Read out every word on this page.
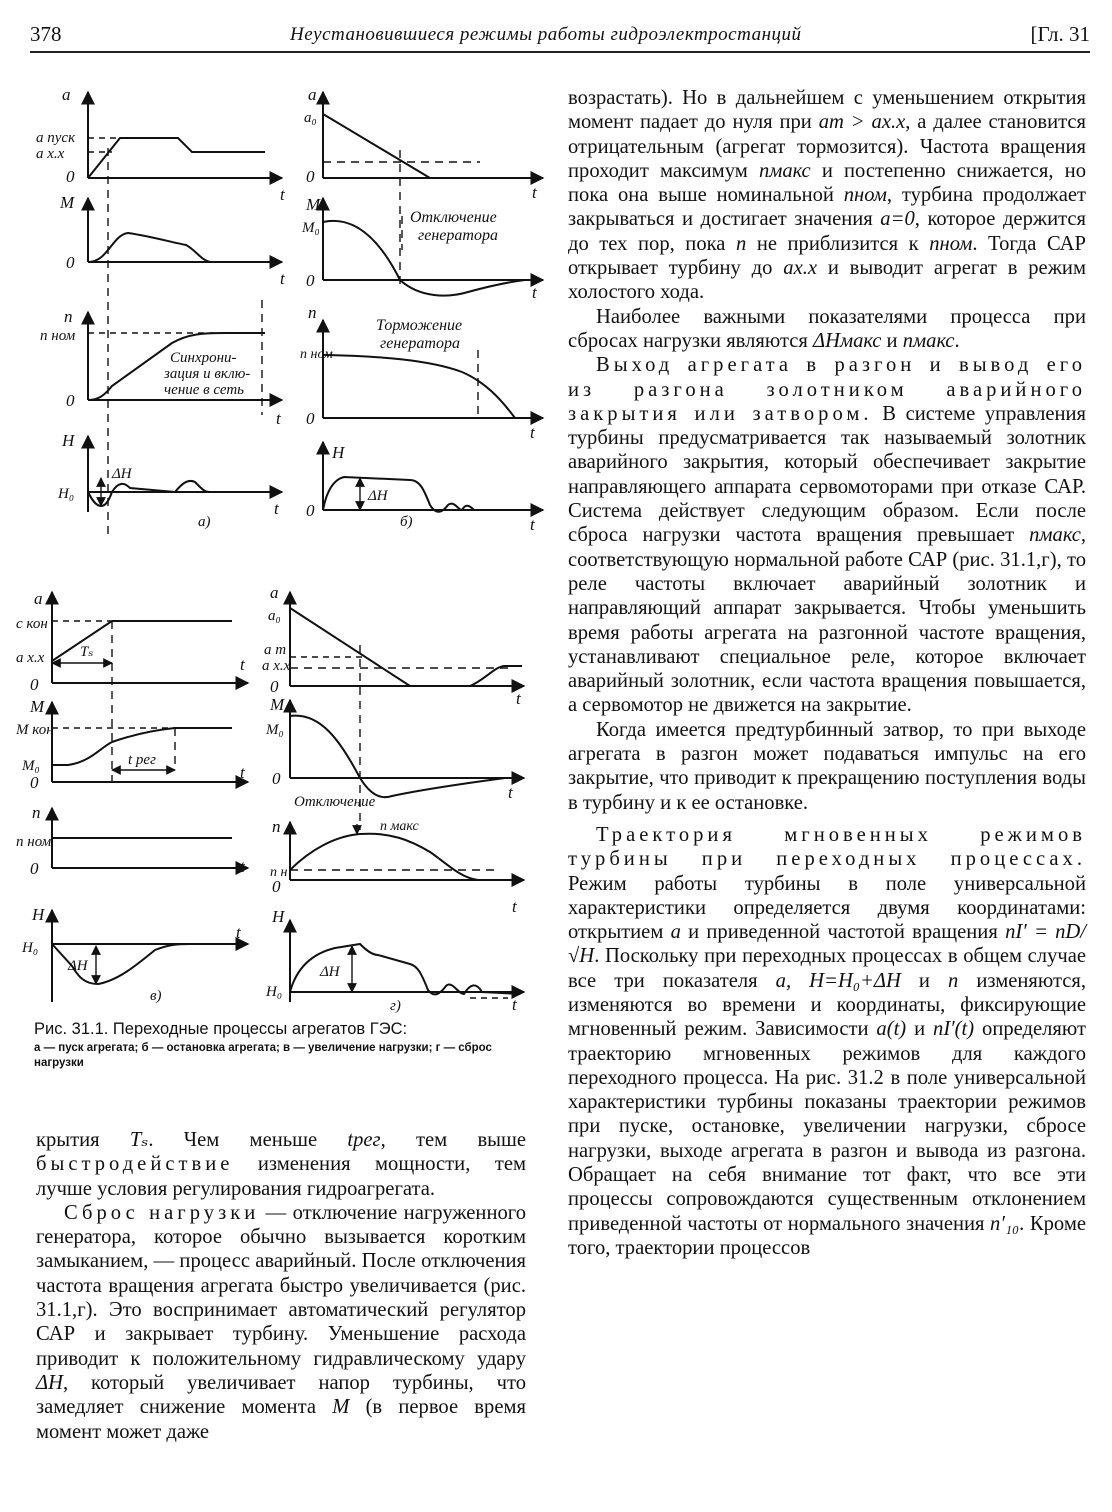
378	Неустановившиеся режимы работы гидроэлектростанций	[Гл. 31
a
a пуск
a x.x
0
t
M
0
t
n
n ном
Синхрони-
зация и вклю-
чение в сеть
0
t
H
ΔH
H₀
а)
t
a
a₀
0
t
M
M₀
Отключение
генератора
0
t
n
n ном
Торможение
генератора
0
t
H
ΔH
0
б)	t
a
c кон
a x.x Tₛ
0
t
M
M кон
M₀	t рег
0
t
n
n ном
0	t
H
H₀
ΔH
t
в)
a
a₀
a m
a x.x
0
t
M
M₀
0
Отключение	t
n	n макс
n н
0
t
H
ΔH
H₀
г)	t
Рис. 31.1. Переходные процессы агрегатов ГЭС:
а — пуск агрегата; б — остановка агрегата; в — увеличение нагрузки; г — сброс нагрузки

крытия Tₛ. Чем меньше tрег, тем выше быстродействие изменения мощности, тем лучше условия регулирования гидроагрегата.

Сброс нагрузки — отключение нагруженного генератора, которое обычно вызывается коротким замыканием, — процесс аварийный. После отключения частота вращения агрегата быстро увеличивается (рис. 31.1,г). Это воспринимает автоматический регулятор САР и закрывает турбину. Уменьшение расхода приводит к положительному гидравлическому удару ΔH, который увеличивает напор турбины, что замедляет снижение момента M (в первое время момент может даже

возрастать). Но в дальнейшем с уменьшением открытия момент падает до нуля при am > ax.x, а далее становится отрицательным (агрегат тормозится). Частота вращения проходит максимум nмакс и постепенно снижается, но пока она выше номинальной nном, турбина продолжает закрываться и достигает значения a=0, которое держится до тех пор, пока n не приблизится к nном. Тогда САР открывает турбину до ax.x и выводит агрегат в режим холостого хода.

Наиболее важными показателями процесса при сбросах нагрузки являются ΔHмакс и nмакс.

Выход агрегата в разгон и вывод его из разгона золотником аварийного закрытия или затвором. В системе управления турбины предусматривается так называемый золотник аварийного закрытия, который обеспечивает закрытие направляющего аппарата сервомоторами при отказе САР. Система действует следующим образом. Если после сброса нагрузки частота вращения превышает nмакс, соответствующую нормальной работе САР (рис. 31.1,г), то реле частоты включает аварийный золотник и направляющий аппарат закрывается. Чтобы уменьшить время работы агрегата на разгонной частоте вращения, устанавливают специальное реле, которое включает аварийный золотник, если частота вращения повышается, а сервомотор не движется на закрытие.

Когда имеется предтурбинный затвор, то при выходе агрегата в разгон может подаваться импульс на его закрытие, что приводит к прекращению поступления воды в турбину и к ее остановке.

Траектория мгновенных режимов турбины при переходных процессах. Режим работы турбины в поле универсальной характеристики определяется двумя координатами: открытием a и приведенной частотой вращения nI′ = nD/√H. Поскольку при переходных процессах в общем случае все три показателя a, H=H₀+ΔH и n изменяются, изменяются во времени и координаты, фиксирующие мгновенный режим. Зависимости a(t) и nI′(t) определяют траекторию мгновенных режимов для каждого переходного процесса. На рис. 31.2 в поле универсальной характеристики турбины показаны траектории режимов при пуске, остановке, увеличении нагрузки, сбросе нагрузки, выходе агрегата в разгон и вывода из разгона. Обращает на себя внимание тот факт, что все эти процессы сопровождаются существенным отклонением приведенной частоты от нормального значения n′₁₀. Кроме того, траектории процессов
